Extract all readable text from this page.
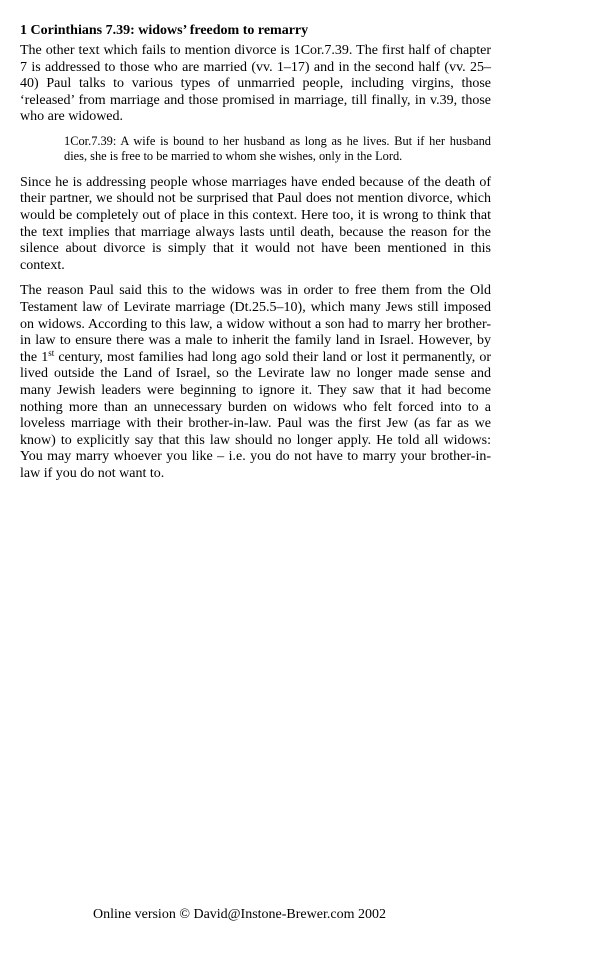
1 Corinthians 7.39: widows’ freedom to remarry

The other text which fails to mention divorce is 1Cor.7.39. The first half of chapter 7 is addressed to those who are married (vv. 1–17) and in the second half (vv. 25–40) Paul talks to various types of unmarried people, including virgins, those ‘released’ from marriage and those promised in marriage, till finally, in v.39, those who are widowed.

1Cor.7.39: A wife is bound to her husband as long as he lives. But if her husband dies, she is free to be married to whom she wishes, only in the Lord.

Since he is addressing people whose marriages have ended because of the death of their partner, we should not be surprised that Paul does not mention divorce, which would be completely out of place in this context. Here too, it is wrong to think that the text implies that marriage always lasts until death, because the reason for the silence about divorce is simply that it would not have been mentioned in this context.

The reason Paul said this to the widows was in order to free them from the Old Testament law of Levirate marriage (Dt.25.5–10), which many Jews still imposed on widows. According to this law, a widow without a son had to marry her brother-in law to ensure there was a male to inherit the family land in Israel. However, by the 1st century, most families had long ago sold their land or lost it permanently, or lived outside the Land of Israel, so the Levirate law no longer made sense and many Jewish leaders were beginning to ignore it. They saw that it had become nothing more than an unnecessary burden on widows who felt forced into to a loveless marriage with their brother-in-law. Paul was the first Jew (as far as we know) to explicitly say that this law should no longer apply. He told all widows: You may marry whoever you like – i.e. you do not have to marry your brother-in-law if you do not want to.

Online version © David@Instone-Brewer.com 2002
